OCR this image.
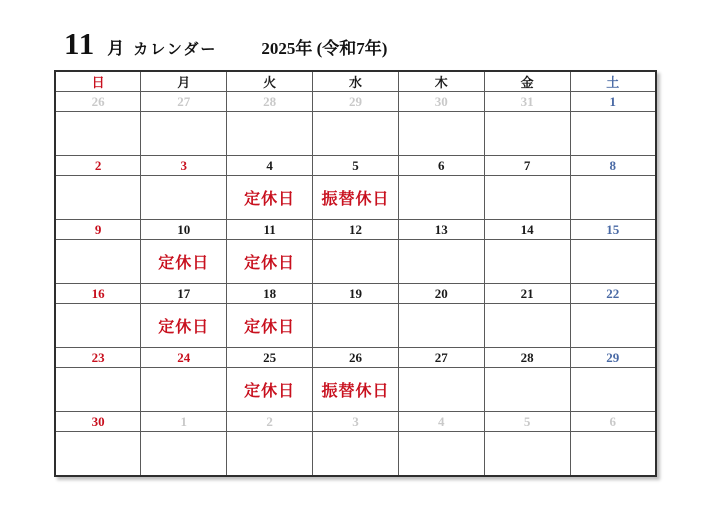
11 月 カレンダー	2025年 (令和7年)
日	月	火	水	木	金	土
26	27	28	29	30	31	1

2	3	4	5	6	7	8
		定休日	振替休日			
9	10	11	12	13	14	15
	定休日	定休日				
16	17	18	19	20	21	22
	定休日	定休日				
23	24	25	26	27	28	29
		定休日	振替休日			
30	1	2	3	4	5	6
